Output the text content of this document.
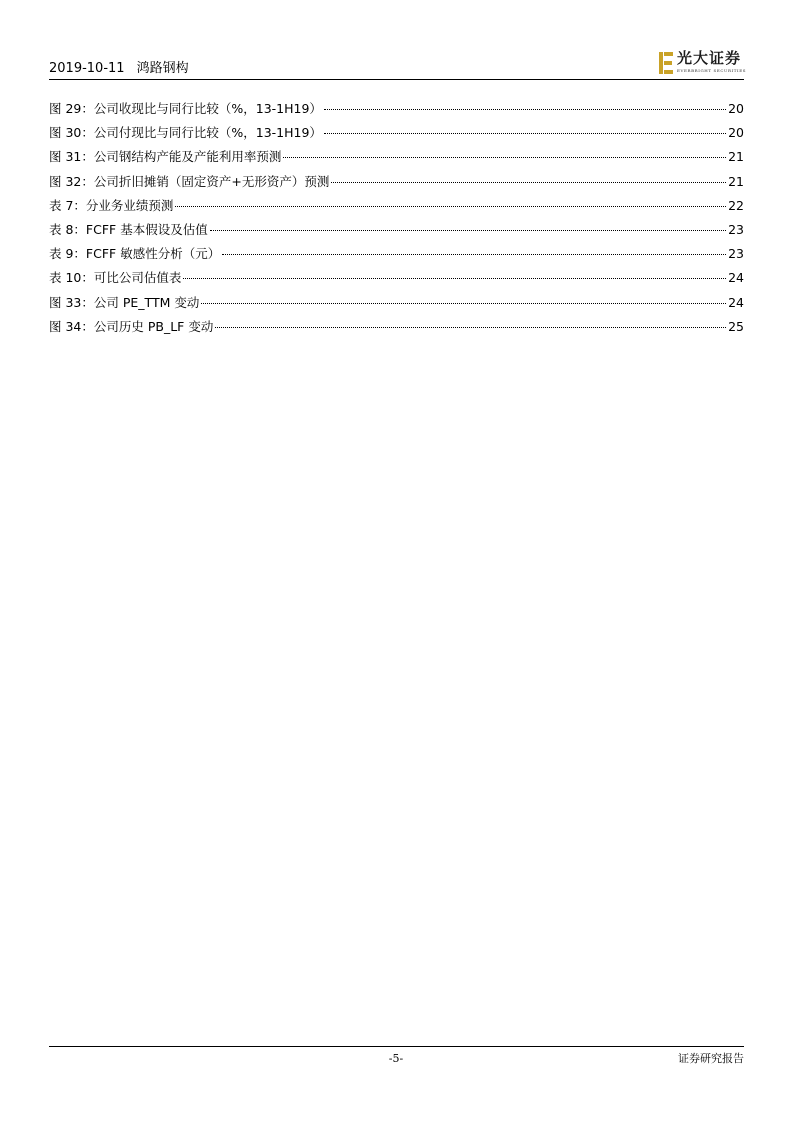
2019-10-11 鸿路钢构
光大证券
EVERBRIGHT SECURITIES
图 29：公司收现比与同行比较（%，13-1H19）	20
图 30：公司付现比与同行比较（%，13-1H19）	20
图 31：公司钢结构产能及产能利用率预测	21
图 32：公司折旧摊销（固定资产+无形资产）预测	21
表 7：分业务业绩预测	22
表 8：FCFF 基本假设及估值	23
表 9：FCFF 敏感性分析（元）	23
表 10：可比公司估值表	24
图 33：公司 PE_TTM 变动	24
图 34：公司历史 PB_LF 变动	25
-5-	证券研究报告
